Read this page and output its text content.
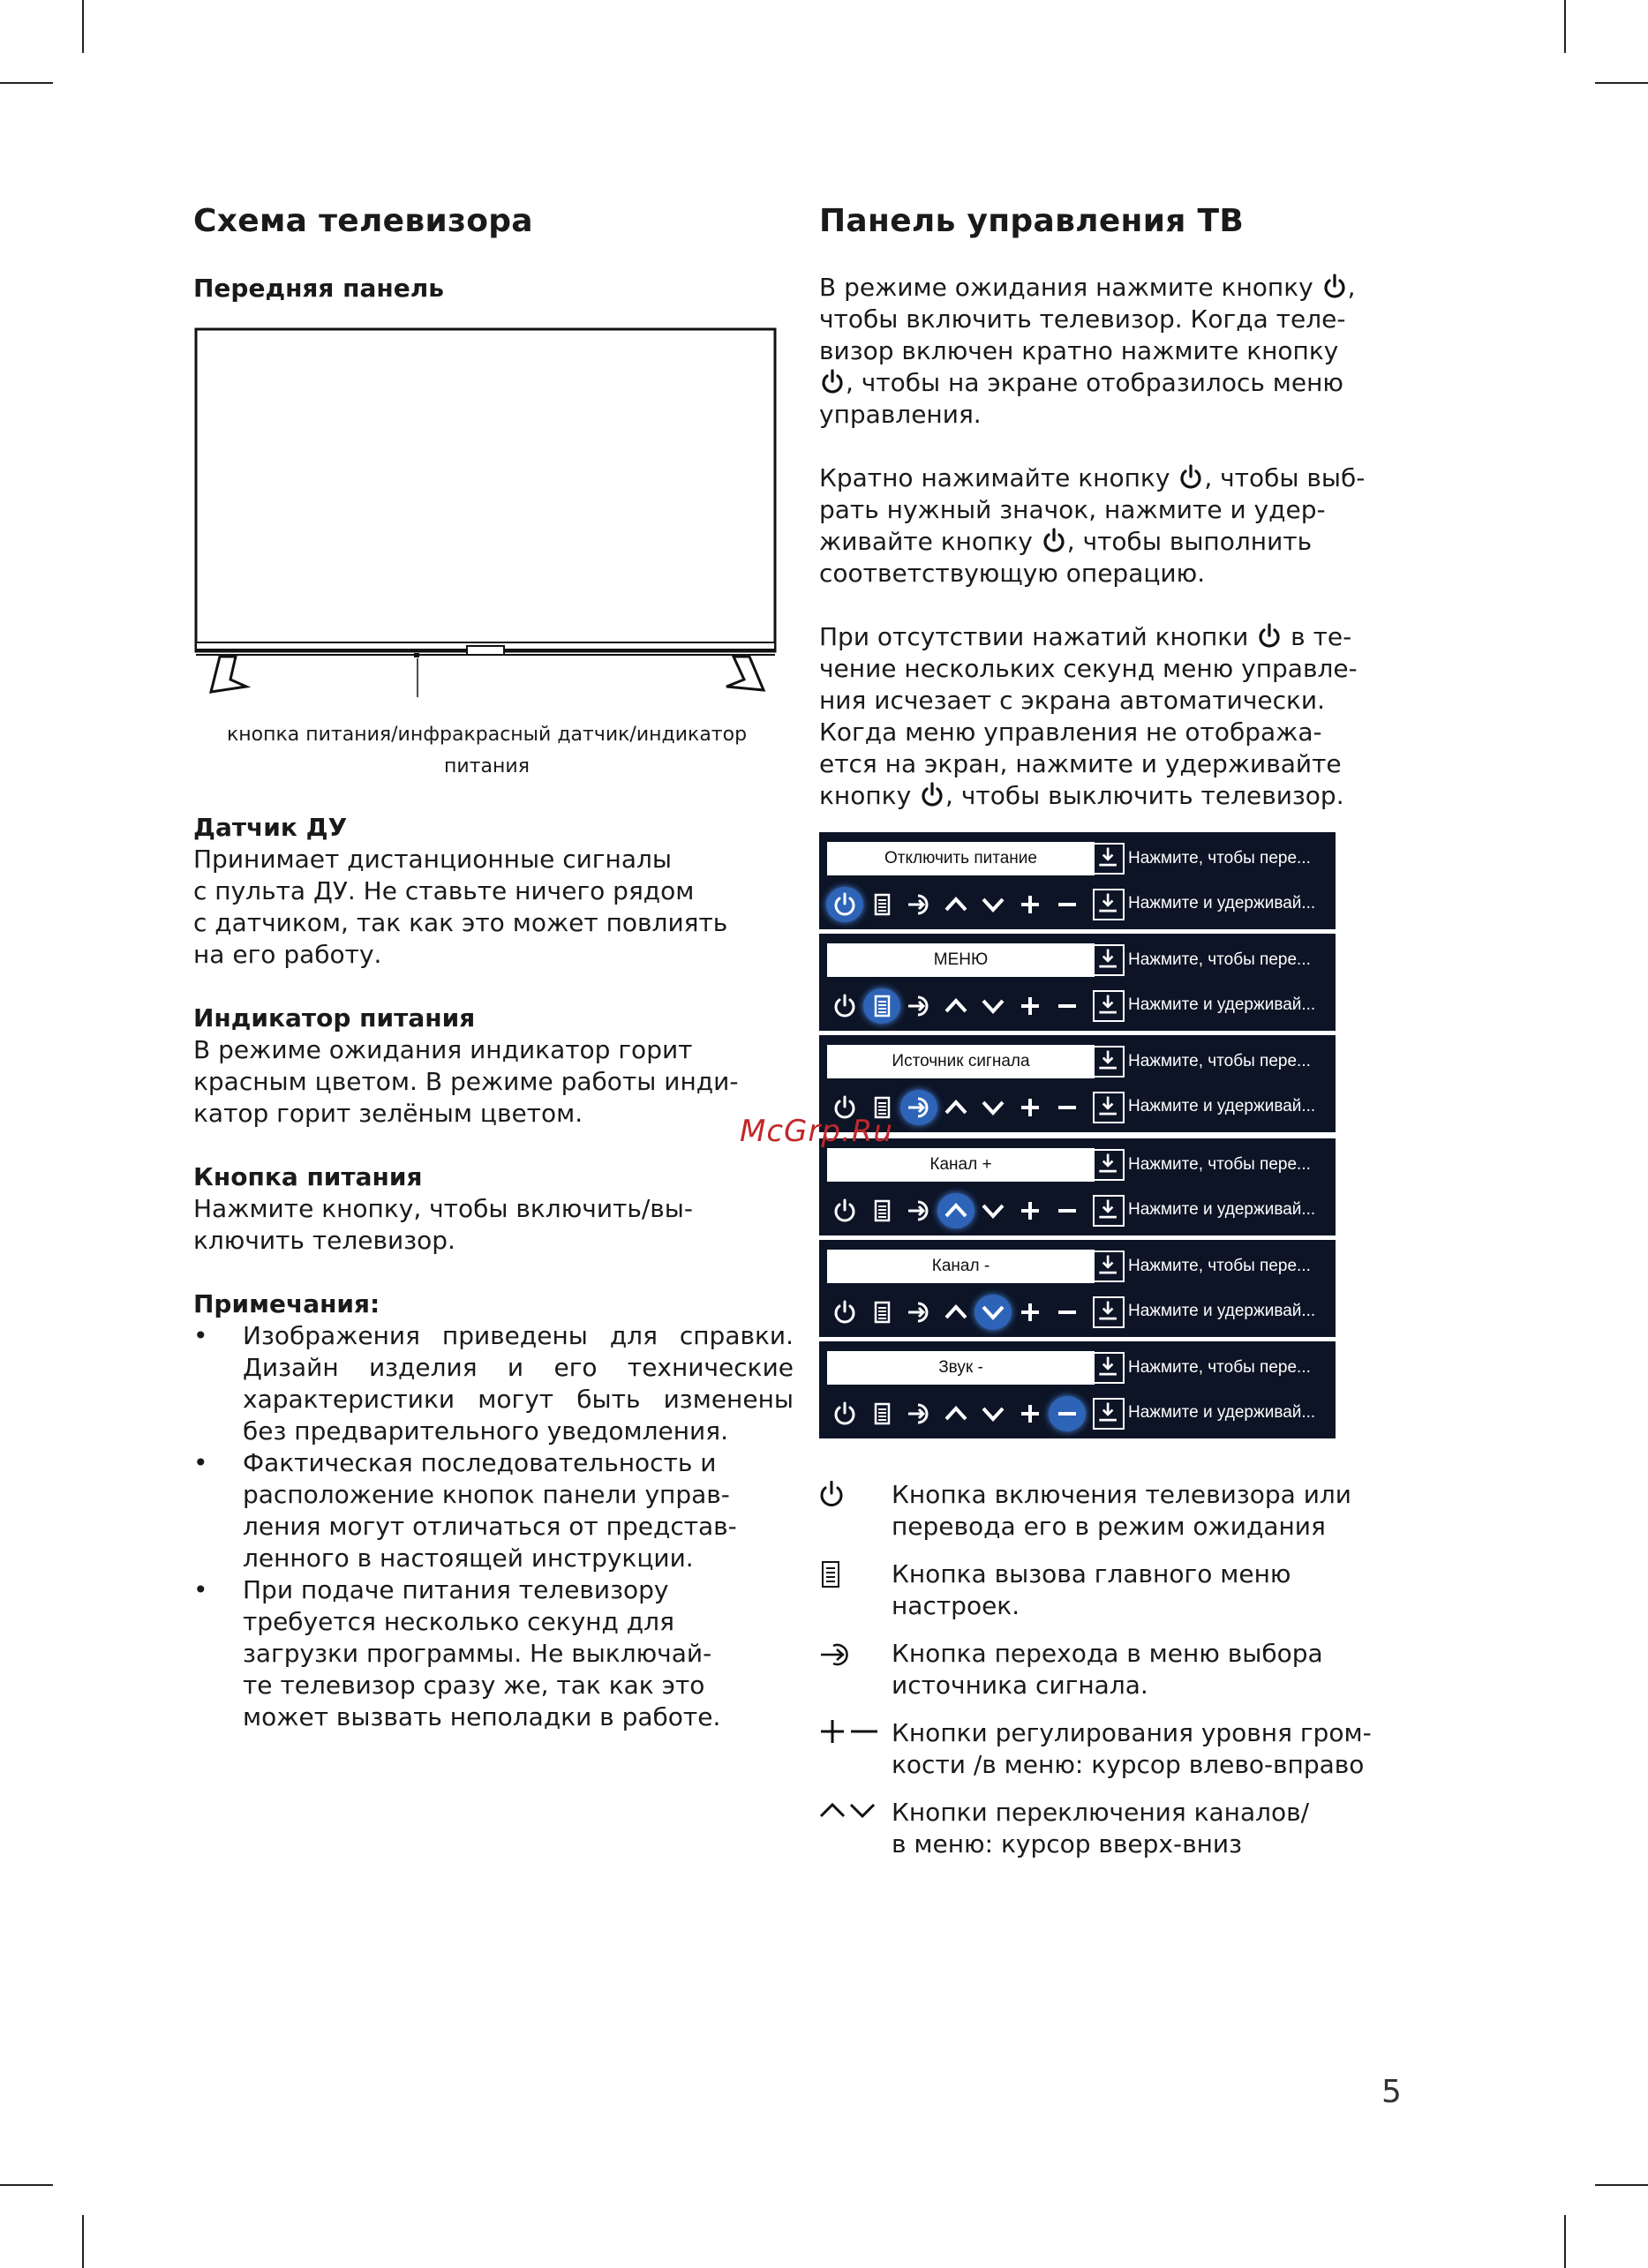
Схема телевизора
Передняя панель
кнопка питания/инфракрасный датчик/индикатор
питания
Датчик ДУ
Принимает дистанционные сигналы
с пульта ДУ. Не ставьте ничего рядом
с датчиком, так как это может повлиять
на его работу.
Индикатор питания
В режиме ожидания индикатор горит
красным цветом. В режиме работы инди-
катор горит зелёным цветом.
Кнопка питания
Нажмите кнопку, чтобы включить/вы-
ключить телевизор.
Примечания:
• Изображения приведены для справки.
Дизайн изделия и его технические
характеристики могут быть изменены
без предварительного уведомления.
• Фактическая последовательность и
расположение кнопок панели управ-
ления могут отличаться от представ-
ленного в настоящей инструкции.
• При подаче питания телевизору
требуется несколько секунд для
загрузки программы. Не выключай-
те телевизор сразу же, так как это
может вызвать неполадки в работе.
Панель управления ТВ
В режиме ожидания нажмите кнопку ,
чтобы включить телевизор. Когда теле-
визор включен кратно нажмите кнопку
, чтобы на экране отобразилось меню
управления.
Кратно нажимайте кнопку , чтобы выб-
рать нужный значок, нажмите и удер-
живайте кнопку , чтобы выполнить
соответствующую операцию.
При отсутствии нажатий кнопки  в те-
чение нескольких секунд меню управле-
ния исчезает с экрана автоматически.
Когда меню управления не отобража-
ется на экран, нажмите и удерживайте
кнопку , чтобы выключить телевизор.
Отключить питание	Нажмите, чтобы пере...
Нажмите и удерживай...
МЕНЮ	Нажмите, чтобы пере...
Нажмите и удерживай...
Источник сигнала	Нажмите, чтобы пере...
Нажмите и удерживай...
Канал +	Нажмите, чтобы пере...
Нажмите и удерживай...
Канал -	Нажмите, чтобы пере...
Нажмите и удерживай...
Звук -	Нажмите, чтобы пере...
Нажмите и удерживай...
Кнопка включения телевизора или
перевода его в режим ожидания
Кнопка вызова главного меню
настроек.
Кнопка перехода в меню выбора
источника сигнала.
Кнопки регулирования уровня гром-
кости /в меню: курсор влево-вправо
Кнопки переключения каналов/
в меню: курсор вверх-вниз
McGrp.Ru
5
